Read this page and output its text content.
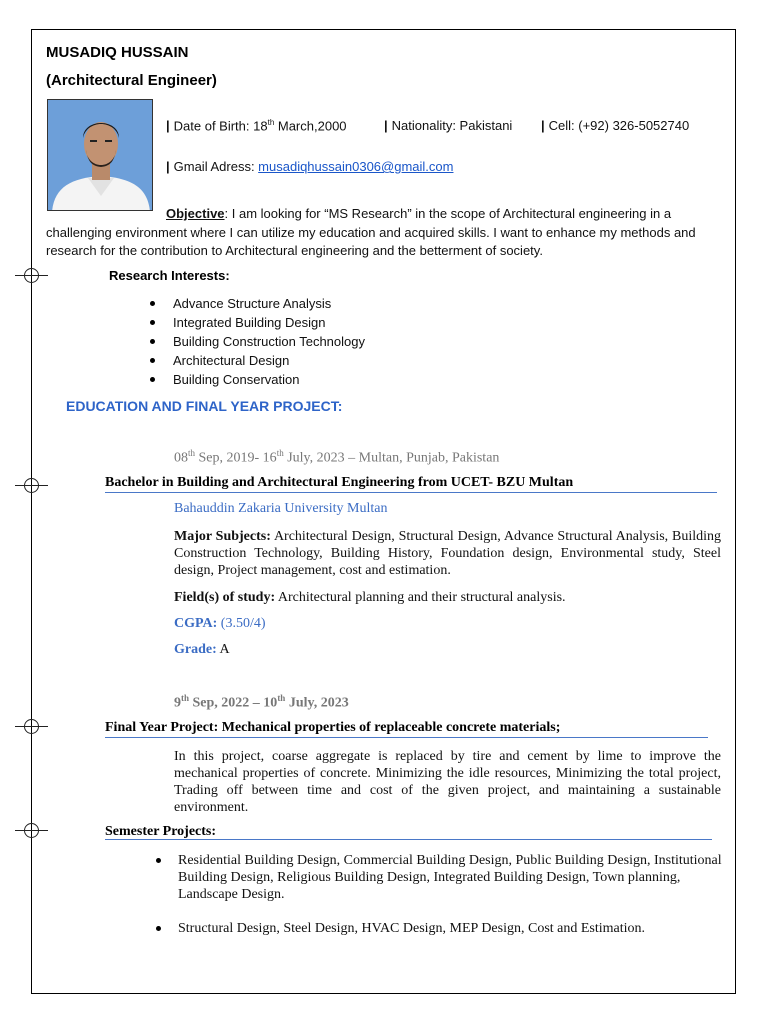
MUSADIQ HUSSAIN
(Architectural Engineer)
| Date of Birth: 18th March,2000	| Nationality: Pakistani | Cell: (+92) 326-5052740
| Gmail Adress: musadiqhussain0306@gmail.com
Objective: I am looking for “MS Research” in the scope of Architectural engineering in a challenging environment where I can utilize my education and acquired skills. I want to enhance my methods and research for the contribution to Architectural engineering and the betterment of society.
Research Interests:
Advance Structure Analysis
Integrated Building Design
Building Construction Technology
Architectural Design
Building Conservation
EDUCATION AND FINAL YEAR PROJECT:
08th Sep, 2019- 16th July, 2023 – Multan, Punjab, Pakistan
Bachelor in Building and Architectural Engineering from UCET- BZU Multan
Bahauddin Zakaria University Multan
Major Subjects: Architectural Design, Structural Design, Advance Structural Analysis, Building Construction Technology, Building History, Foundation design, Environmental study, Steel design, Project management, cost and estimation.
Field(s) of study: Architectural planning and their structural analysis.
CGPA: (3.50/4)
Grade: A
9th Sep, 2022 – 10th July, 2023
Final Year Project: Mechanical properties of replaceable concrete materials;
In this project, coarse aggregate is replaced by tire and cement by lime to improve the mechanical properties of concrete. Minimizing the idle resources, Minimizing the total project, Trading off between time and cost of the given project, and maintaining a sustainable environment.
Semester Projects:
Residential Building Design, Commercial Building Design, Public Building Design, Institutional Building Design, Religious Building Design, Integrated Building Design, Town planning, Landscape Design.
Structural Design, Steel Design, HVAC Design, MEP Design, Cost and Estimation.
